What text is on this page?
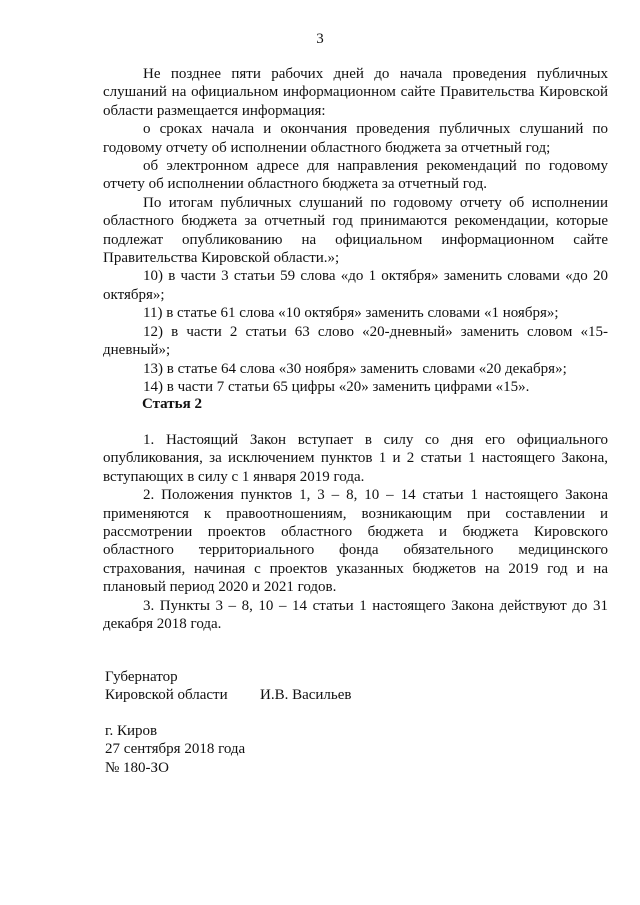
3

Не позднее пяти рабочих дней до начала проведения публичных слушаний на официальном информационном сайте Правительства Кировской области размещается информация:

о сроках начала и окончания проведения публичных слушаний по годовому отчету об исполнении областного бюджета за отчетный год;

об электронном адресе для направления рекомендаций по годовому отчету об исполнении областного бюджета за отчетный год.

По итогам публичных слушаний по годовому отчету об исполнении областного бюджета за отчетный год принимаются рекомендации, которые подлежат опубликованию на официальном информационном сайте Правительства Кировской области.»;

10) в части 3 статьи 59 слова «до 1 октября» заменить словами «до 20 октября»;

11) в статье 61 слова «10 октября» заменить словами «1 ноября»;

12) в части 2 статьи 63 слово «20-дневный» заменить словом «15-дневный»;

13) в статье 64 слова «30 ноября» заменить словами «20 декабря»;

14) в части 7 статьи 65 цифры «20» заменить цифрами «15».

Статья 2

1. Настоящий Закон вступает в силу со дня его официального опубликования, за исключением пунктов 1 и 2 статьи 1 настоящего Закона, вступающих в силу с 1 января 2019 года.

2. Положения пунктов 1, 3 – 8, 10 – 14 статьи 1 настоящего Закона применяются к правоотношениям, возникающим при составлении и рассмотрении проектов областного бюджета и бюджета Кировского областного территориального фонда обязательного медицинского страхования, начиная с проектов указанных бюджетов на 2019 год и на плановый период 2020 и 2021 годов.

3. Пункты 3 – 8, 10 – 14 статьи 1 настоящего Закона действуют до 31 декабря 2018 года.

Губернатор
Кировской области	И.В. Васильев
г. Киров
27 сентября 2018 года
№ 180-ЗО
